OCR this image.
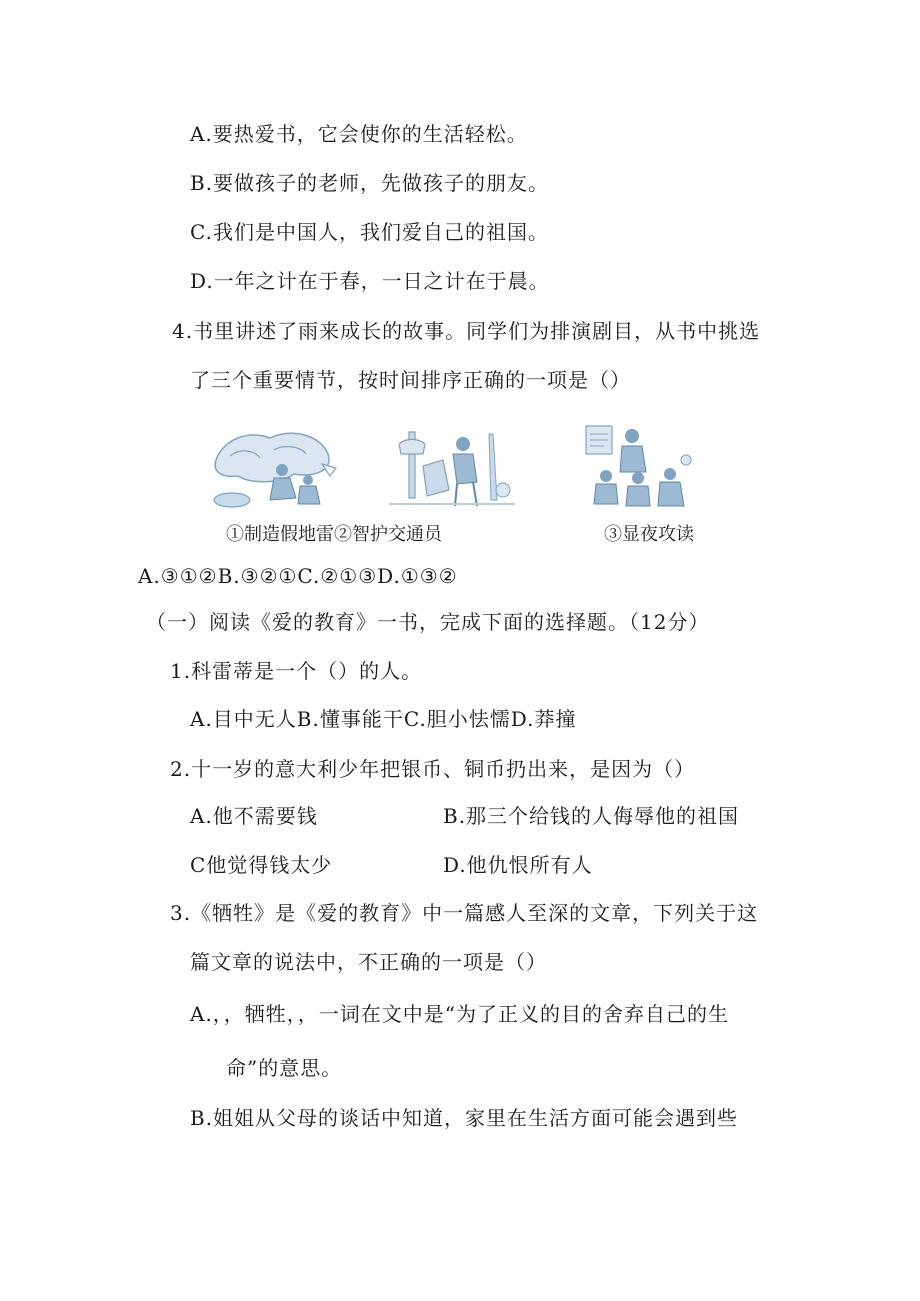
A.要热爱书，它会使你的生活轻松。
B.要做孩子的老师，先做孩子的朋友。
C.我们是中国人，我们爱自己的祖国。
D.一年之计在于春，一日之计在于晨。
4.书里讲述了雨来成长的故事。同学们为排演剧目，从书中挑选
了三个重要情节，按时间排序正确的一项是（）
①制造假地雷②智护交通员	③显夜攻读
A.③①②B.③②①C.②①③D.①③②
（一）阅读《爱的教育》一书，完成下面的选择题。（12分）
1.科雷蒂是一个（）的人。
A.目中无人B.懂事能干C.胆小怯懦D.莽撞
2.十一岁的意大利少年把银币、铜币扔出来，是因为（）
A.他不需要钱	B.那三个给钱的人侮辱他的祖国
C他觉得钱太少	D.他仇恨所有人
3.《牺牲》是《爱的教育》中一篇感人至深的文章，下列关于这
篇文章的说法中，不正确的一项是（）
A.，，牺牲，，一词在文中是“为了正义的目的舍弃自己的生
命”的意思。
B.姐姐从父母的谈话中知道，家里在生活方面可能会遇到些
